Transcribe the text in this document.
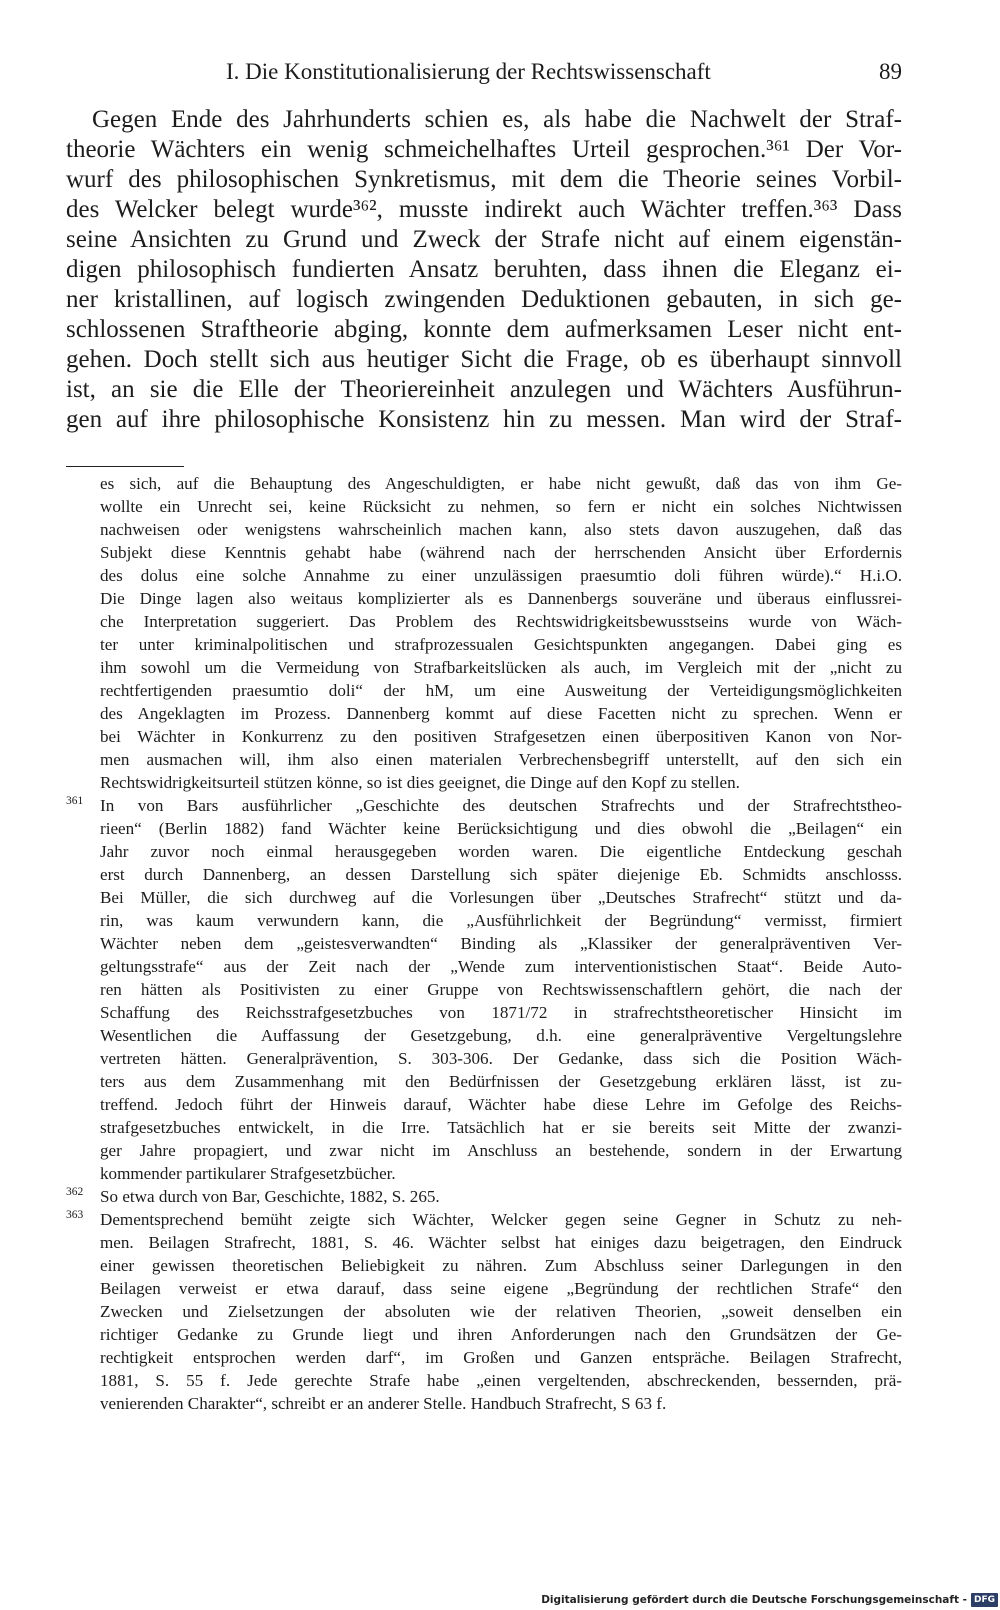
I. Die Konstitutionalisierung der Rechtswissenschaft	89
Gegen Ende des Jahrhunderts schien es, als habe die Nachwelt der Straf-
theorie Wächters ein wenig schmeichelhaftes Urteil gesprochen.³⁶¹ Der Vor-
wurf des philosophischen Synkretismus, mit dem die Theorie seines Vorbil-
des Welcker belegt wurde³⁶², musste indirekt auch Wächter treffen.³⁶³ Dass
seine Ansichten zu Grund und Zweck der Strafe nicht auf einem eigenstän-
digen philosophisch fundierten Ansatz beruhten, dass ihnen die Eleganz ei-
ner kristallinen, auf logisch zwingenden Deduktionen gebauten, in sich ge-
schlossenen Straftheorie abging, konnte dem aufmerksamen Leser nicht ent-
gehen. Doch stellt sich aus heutiger Sicht die Frage, ob es überhaupt sinnvoll
ist, an sie die Elle der Theoriereinheit anzulegen und Wächters Ausführun-
gen auf ihre philosophische Konsistenz hin zu messen. Man wird der Straf-
es sich, auf die Behauptung des Angeschuldigten, er habe nicht gewußt, daß das von ihm Ge-
wollte ein Unrecht sei, keine Rücksicht zu nehmen, so fern er nicht ein solches Nichtwissen
nachweisen oder wenigstens wahrscheinlich machen kann, also stets davon auszugehen, daß das
Subjekt diese Kenntnis gehabt habe (während nach der herrschenden Ansicht über Erfordernis
des dolus eine solche Annahme zu einer unzulässigen praesumtio doli führen würde).“ H.i.O.
Die Dinge lagen also weitaus komplizierter als es Dannenbergs souveräne und überaus einflussrei-
che Interpretation suggeriert. Das Problem des Rechtswidrigkeitsbewusstseins wurde von Wäch-
ter unter kriminalpolitischen und strafprozessualen Gesichtspunkten angegangen. Dabei ging es
ihm sowohl um die Vermeidung von Strafbarkeitslücken als auch, im Vergleich mit der „nicht zu
rechtfertigenden praesumtio doli“ der hM, um eine Ausweitung der Verteidigungsmöglichkeiten
des Angeklagten im Prozess. Dannenberg kommt auf diese Facetten nicht zu sprechen. Wenn er
bei Wächter in Konkurrenz zu den positiven Strafgesetzen einen überpositiven Kanon von Nor-
men ausmachen will, ihm also einen materialen Verbrechensbegriff unterstellt, auf den sich ein
Rechtswidrigkeitsurteil stützen könne, so ist dies geeignet, die Dinge auf den Kopf zu stellen.
361 In von Bars ausführlicher „Geschichte des deutschen Strafrechts und der Strafrechtstheo-
rieen“ (Berlin 1882) fand Wächter keine Berücksichtigung und dies obwohl die „Beilagen“ ein
Jahr zuvor noch einmal herausgegeben worden waren. Die eigentliche Entdeckung geschah
erst durch Dannenberg, an dessen Darstellung sich später diejenige Eb. Schmidts anschlosss.
Bei Müller, die sich durchweg auf die Vorlesungen über „Deutsches Strafrecht“ stützt und da-
rin, was kaum verwundern kann, die „Ausführlichkeit der Begründung“ vermisst, firmiert
Wächter neben dem „geistesverwandten“ Binding als „Klassiker der generalpräventiven Ver-
geltungsstrafe“ aus der Zeit nach der „Wende zum interventionistischen Staat“. Beide Auto-
ren hätten als Positivisten zu einer Gruppe von Rechtswissenschaftlern gehört, die nach der
Schaffung des Reichsstrafgesetzbuches von 1871/72 in strafrechtstheoretischer Hinsicht im
Wesentlichen die Auffassung der Gesetzgebung, d.h. eine generalpräventive Vergeltungslehre
vertreten hätten. Generalprävention, S. 303-306. Der Gedanke, dass sich die Position Wäch-
ters aus dem Zusammenhang mit den Bedürfnissen der Gesetzgebung erklären lässt, ist zu-
treffend. Jedoch führt der Hinweis darauf, Wächter habe diese Lehre im Gefolge des Reichs-
strafgesetzbuches entwickelt, in die Irre. Tatsächlich hat er sie bereits seit Mitte der zwanzi-
ger Jahre propagiert, und zwar nicht im Anschluss an bestehende, sondern in der Erwartung
kommender partikularer Strafgesetzbücher.
362 So etwa durch von Bar, Geschichte, 1882, S. 265.
363 Dementsprechend bemüht zeigte sich Wächter, Welcker gegen seine Gegner in Schutz zu neh-
men. Beilagen Strafrecht, 1881, S. 46. Wächter selbst hat einiges dazu beigetragen, den Eindruck
einer gewissen theoretischen Beliebigkeit zu nähren. Zum Abschluss seiner Darlegungen in den
Beilagen verweist er etwa darauf, dass seine eigene „Begründung der rechtlichen Strafe“ den
Zwecken und Zielsetzungen der absoluten wie der relativen Theorien, „soweit denselben ein
richtiger Gedanke zu Grunde liegt und ihren Anforderungen nach den Grundsätzen der Ge-
rechtigkeit entsprochen werden darf“, im Großen und Ganzen entspräche. Beilagen Strafrecht,
1881, S. 55 f. Jede gerechte Strafe habe „einen vergeltenden, abschreckenden, bessernden, prä-
venierenden Charakter“, schreibt er an anderer Stelle. Handbuch Strafrecht, S 63 f.
Digitalisierung gefördert durch die Deutsche Forschungsgemeinschaft - DFG
